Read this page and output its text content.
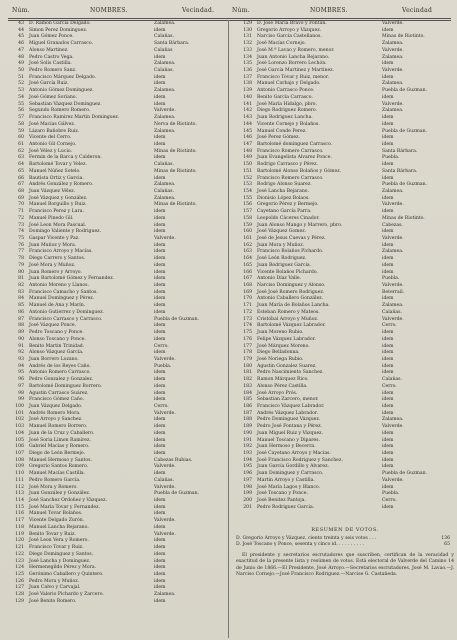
Núm.	NOMBRES.	Vecindad.	Núm.	NOMBRES.	Vecindad
43 D. Ramon García Delgado.	Zalamea.
44 Simon Perez Dominguez.	idem
45 Juan Gómez Ponce.	Calañas.
46 Miguel Granados Carrasco.	Santa Bárbara.
47 Alonso Martinez.	Calañas
48 Pedro Castro Vega.	idem
49 José Solís Castilla.	Zalamea.
50 Pedro Romero Sanz.	Calañas.
51 Francisco Márquez Delgado.	idem
52 José García Ruiz.	idem
53 Antonio Gómez Dominguez.	Zalamea.
54 José Gómez Soriano.	idem
55 Sebastian Vázquez Dominguez.	idem
56 Segundo Romero Romero.	Valverde.
57 Francisco Ramirez Martin Dominguez.	Zalamea.
58 José Macías Gálvez.	Nerva de Riotinto.
59 Lázaro Bañobre Ruiz.	Zalamea.
60 Vicente del Cerro.	idem
61 Antonio Gil Cornejo.	idem
62 José Vélez y Lucio.	Minas de Riotinto.
63 Fermin de la Barca y Calderon.	idem
64 Bartolomé Tovar y Velez.	Calañas.
65 Manuel Núñez Sotelo.	Minas de Riotinto.
66 Bautista Ortiz y Garcia.	idem
67 Andrés González y Romero.	Zalamea.
68 Juan Vázquez Vélez.	Calañas.
69 José Vázquez y González.	Zalamea.
70 Manuel Borguillo y Ruiz.	Minas de Riotinto.
71 Francisco Perez y Lara.	idem
72 Manuel Pinedo Gil.	idem
73 José Leon Mora Pascual.	idem
74 Domingo Valiente y Rodriguez.	idem
75 Gaspar Vicente y Paz.	Valverde.
76 Juan Muñoz y Mora.	idem
77 Francisco Arroyo y Macías.	idem
78 Diego Carrero y Santos.	idem
79 José Mora y Muñoz.	idem
80 Juan Romero y Arroyo.	idem
81 Juan Bartolomé Gómez y Fernandez.	idem
82 Antonio Moreno y Llanos.	idem
83 Francisco Camacho y Santos.	idem
84 Manuel Dominguez y Pérez.	idem
85 Manuel de Ana y Marín.	idem
86 Antonio Gutierrez y Dominguez.	idem
87 Francisco Carrasco y Carrasco.	Puebla de Guzman.
88 José Vázquez Ponce.	idem
89 Pedro Toscano y Ponce.	idem
90 Alonso Toscano y Ponce.	idem
91 Benito Martin Trinidad.	Cerro.
92 Alonso Vázquez García.	idem
93 Juan Borrero Lozano.	Valverde.
94 Andrés de los Reyes Caño.	Puebla.
95 Antonio Romero Carrasco.	idem
96 Pedro Gonzalez y Gonzalez.	idem
97 Bartolomé Dominguez Borrero.	idem
98 Agustin Carrasco Suárez.	idem
99 Francisco Gómez Caño.	idem
100 Juan Vázquez Delgado.	Cerro.
101 Andrés Romero Mora.	Valverde.
102 José Arroyo y Sanchez.	idem
103 Manuel Romero Borrero.	idem
104 Juan de la Cruz y Caballero.	idem
105 José Soria Limon Ramírez.	idem
106 Gabriel Macías y Romero.	idem
107 Diego de León Bermejo.	idem
108 Manuel Hermoso y Santos.	Cabezas Rubias.
109 Gregorio Santos Romero.	Valverde.
110 Manuel Macías Castilla.	idem
111 Pedro Romero García.	Calañas.
112 José Mora y Romero.	Valverde.
113 Juan González y González.	Puebla de Guzman.
114 José Sanchez Ordoñez y Vázquez.	idem
115 José María Tovar y Fernandez.	idem
116 Manuel Tovar Bolaños.	idem
117 Vicente Delgado Zurón.	Valverde.
118 Manuel Lancha Bejarano.	idem
119 Benito Tovar y Ruiz.	Valverde.
120 José Leon Vera y Romero.	idem
121 Francisco Tovar y Ruiz.	idem
122 Diego Dominguez y Santos.	idem
123 José Lancha y Dominguez.	idem
124 Hermenegildo Pérez y Mora.	idem
125 Gerónimo Caballero y Quintero.	idem
126 Pedro Mora y Muñoz.	idem
127 Juan Calvo y Carvajal.	idem
128 José Valerio Pichardo y Zarcero.	Zalamea.
129 José Benito Romero.	idem
129 D. José María Bravo y Fontán.	Valverde.
130 Gregorio Arroyo y Vázquez.	idem
131 Narciso García Castellanos.	Minas de Riotinto.
132 José Macías Cornejo.	Zalamea.
133 José M.ª Lavao y Romero, menor.	Valverde.
134 Juan Antonio Lancha Bejarano.	Zalamea.
135 José Lorenzo Borrero Lechón.	idem
136 José García Martinez y Martinez.	Valverde.
137 Francisco Tovar y Ruiz, menor.	idem
138 Manuel Carbajo y Delgado.	Zalamea.
139 Antonio Carrasco Ponce.	Puebla de Guzman.
140 Benito García Carrasco.	idem
141 José María Hidalgo, pbro.	Valverde.
142 Diego Rodriguez Romero.	Zalamea.
143 Juan Rodriguez Lancha.	idem
144 Vicente Cornejo y Bolaños.	idem
145 Manuel Conde Perez.	Puebla de Guzman.
146 José Perez Gómez.	idem
147 Bartolomé dominguez Carrasco.	idem
148 Francisco Romero Carrasco.	Santa Bárbara.
149 Juan Evangelista Alvarez Ponce.	Puebla.
150 Rodrigo Carrasco y Pérez.	idem
151 Bartolomé Alonso Bolaños y Gómez.	Santa Bárbara.
152 Francisco Romero Carrasco.	idem
153 Rodrigo Alonso Suarez.	Puebla de Guzman.
154 José Lancha Bejarano.	Zalamea.
155 Dionisio López Bolaos.	idem
156 Gregorio Pérez y Bermejo.	Valverde.
157 Cayetano García Parra.	idem
158 Leopoldo Cáceres Cinador.	Minas de Riotinto.
159 Juan Alonso Mango y Marrero, pbro.	Cabezas.
160 José Vázquez Gomez.	idem
161 José de Jesus Cuevas y Pérez.	Valverde.
162 Juan Mora y Muñoz.	idem
163 Francisco Bolaños Pichardo.	Zalamea.
164 José León Rodriguez.	idem
165 Juan Rodriguez García.	idem
166 Vicente Bolaños Pichardo.	idem
167 Antonio Díaz Valle.	Puebla.
168 Narciso Dominguez y Alonso.	Valverde.
169 José José Romero Rodriguez.	Beterraíl.
170 Antonio Caballero González.	idem
171 Juan María de Bolaños Lancha.	Zalamea.
172 Esteban Romero y Mateos.	Calañas.
173 Cristóbal Arroyo y Muñoz.	Valverde.
174 Bartolomé Vázquez Labrador.	Cerro.
175 Juan Moreno Rubio.	idem
176 Felipe Vázquez Labrador.	idem
177 José Márquez Moreno.	idem
178 Diego Belladonna.	idem
179 José Noriega Rubio.	idem
180 Agustin Gonzalez Suarez.	idem
181 Pedro Nascimiento Sanchez.	idem
182 Ramon Márquez Rico.	Calañas.
183 Alonso Pérez Castilla.	Cerro.
184 José Arroyo Prós.	idem
185 Sebastian Zarcero, menor.	idem
186 Francisco Vázquez Labrador.	idem
187 Andrés Vázquez Labrador.	idem
188 Pedro Dominguez Vázquez.	Zalamea.
189 Pedro José Fontana y Pérez.	Valverde.
190 Juan Miguel Ruiz y Vázquez.	idem
191 Manuel Toscano y Dipares.	idem
192 Juan Hermoso y Becerra.	idem
193 José Cayetano Arroyo y Macías.	idem
194 José Francisco Rodriguez y Sanchez.	idem
195 Juan García Gordillo y Alvarez.	idem
196 Juan Dominguez y Carrasco.	Puebla de Guzman.
197 Martin Arroyo y Castilla.	Valverde.
198 José María Lagos y Blanco.	idem
199 José Toscano y Ponce.	Puebla.
200 José Benitez Pantoja.	Cerro.
201 Pedro Rodriguez Garcia.	idem
RESUMEN DE VOTOS.
D. Gregorio Arroyo y Vázquez, ciento treinta y seis votos . . .	136
D. José Toscano y Ponce, sesenta y cinco id. . . . . . . . . .	65
El presidente y secretarios escrutadores que suscriben, certifican de la veracidad y exactitud de la presente lista y resúmen de votos. Está electoral de Valverde del Camino 14 de Junio de 1866.—El Presidente, José Arroyo.—Secretarios escrutadores, José M. Lavao.—J. Narciso Cornejo.—José Francisco Rodriguez.—Narcise G. Castañeda.
